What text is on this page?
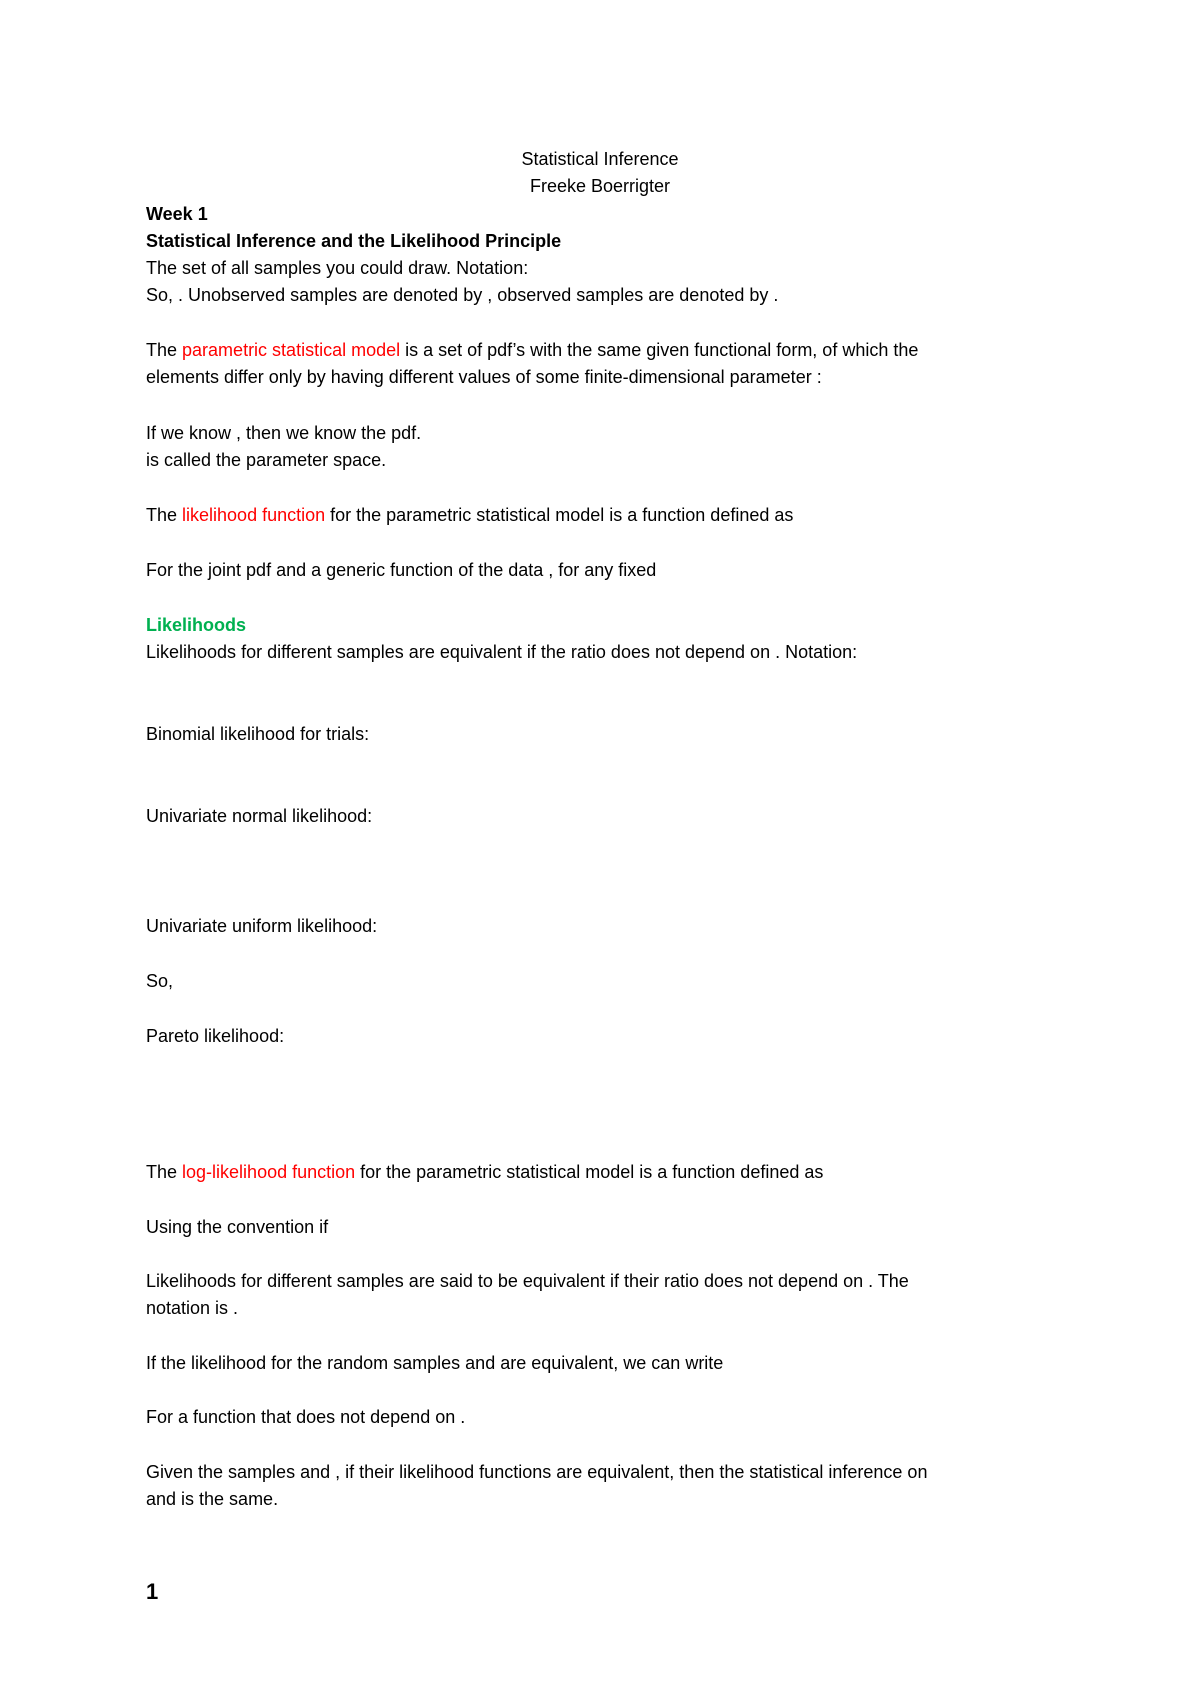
Statistical Inference
Freeke Boerrigter
Week 1
Statistical Inference and the Likelihood Principle
The set of all samples you could draw. Notation:
So, . Unobserved samples are denoted by , observed samples are denoted by .
The parametric statistical model is a set of pdf’s with the same given functional form, of which the
elements differ only by having different values of some finite-dimensional parameter :
If we know , then we know the pdf.
is called the parameter space.
The likelihood function for the parametric statistical model is a function defined as
For the joint pdf and a generic function of the data , for any fixed
Likelihoods
Likelihoods for different samples are equivalent if the ratio does not depend on . Notation:
Binomial likelihood for trials:
Univariate normal likelihood:
Univariate uniform likelihood:
So,
Pareto likelihood:
The log-likelihood function for the parametric statistical model is a function defined as
Using the convention if
Likelihoods for different samples are said to be equivalent if their ratio does not depend on . The
notation is .
If the likelihood for the random samples and are equivalent, we can write
For a function that does not depend on .
Given the samples and , if their likelihood functions are equivalent, then the statistical inference on
and is the same.
1
